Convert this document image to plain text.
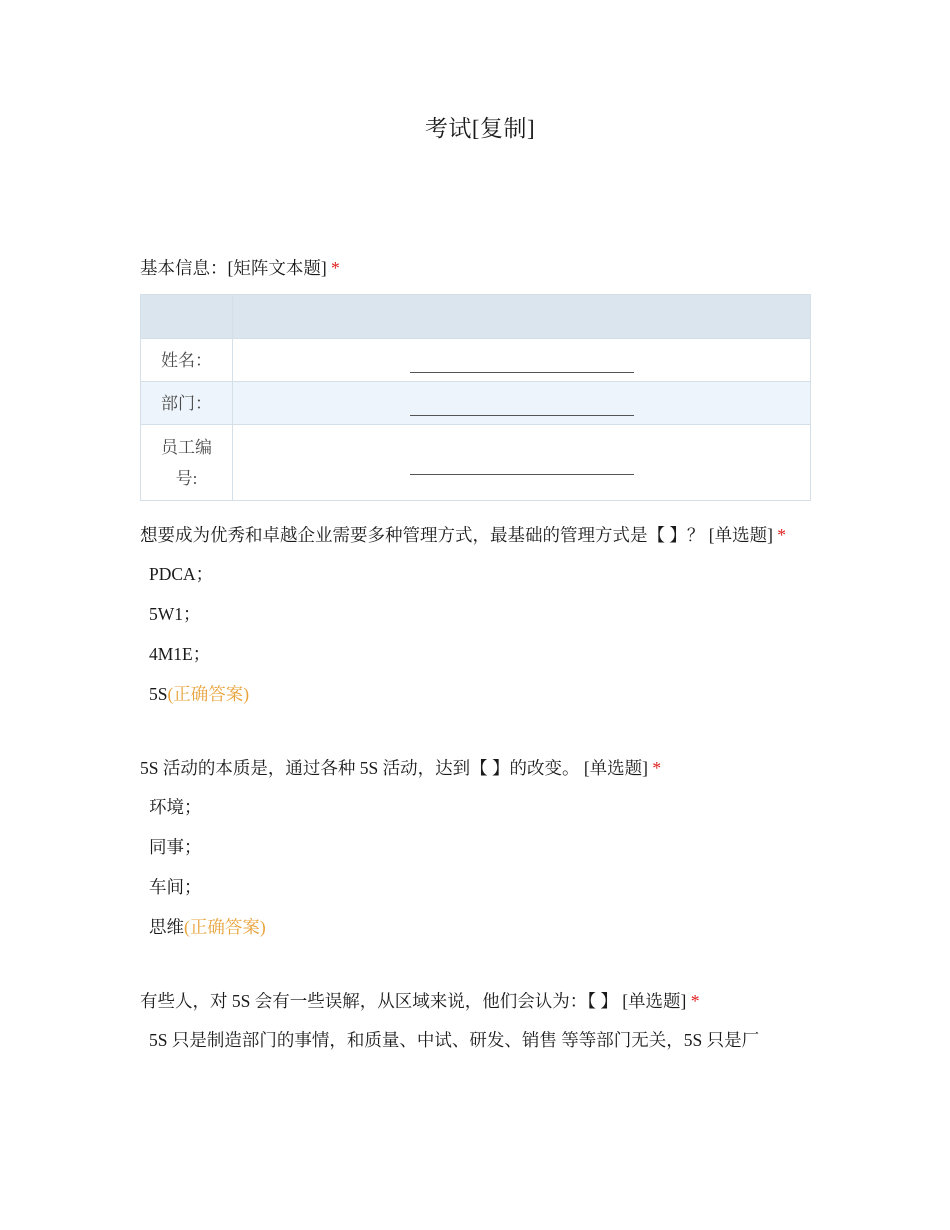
考试[复制]

基本信息：[矩阵文本题] *

姓名：	
部门：	
员工编号:	

想要成为优秀和卓越企业需要多种管理方式，最基础的管理方式是【 】？ [单选题] *

PDCA；
5W1；
4M1E；
5S(正确答案)

5S 活动的本质是，通过各种 5S 活动，达到【 】的改变。 [单选题] *

环境；
同事；
车间；
思维(正确答案)

有些人，对 5S 会有一些误解，从区域来说，他们会认为：【 】 [单选题] *

5S 只是制造部门的事情，和质量、中试、研发、销售 等等部门无关，5S 只是厂
